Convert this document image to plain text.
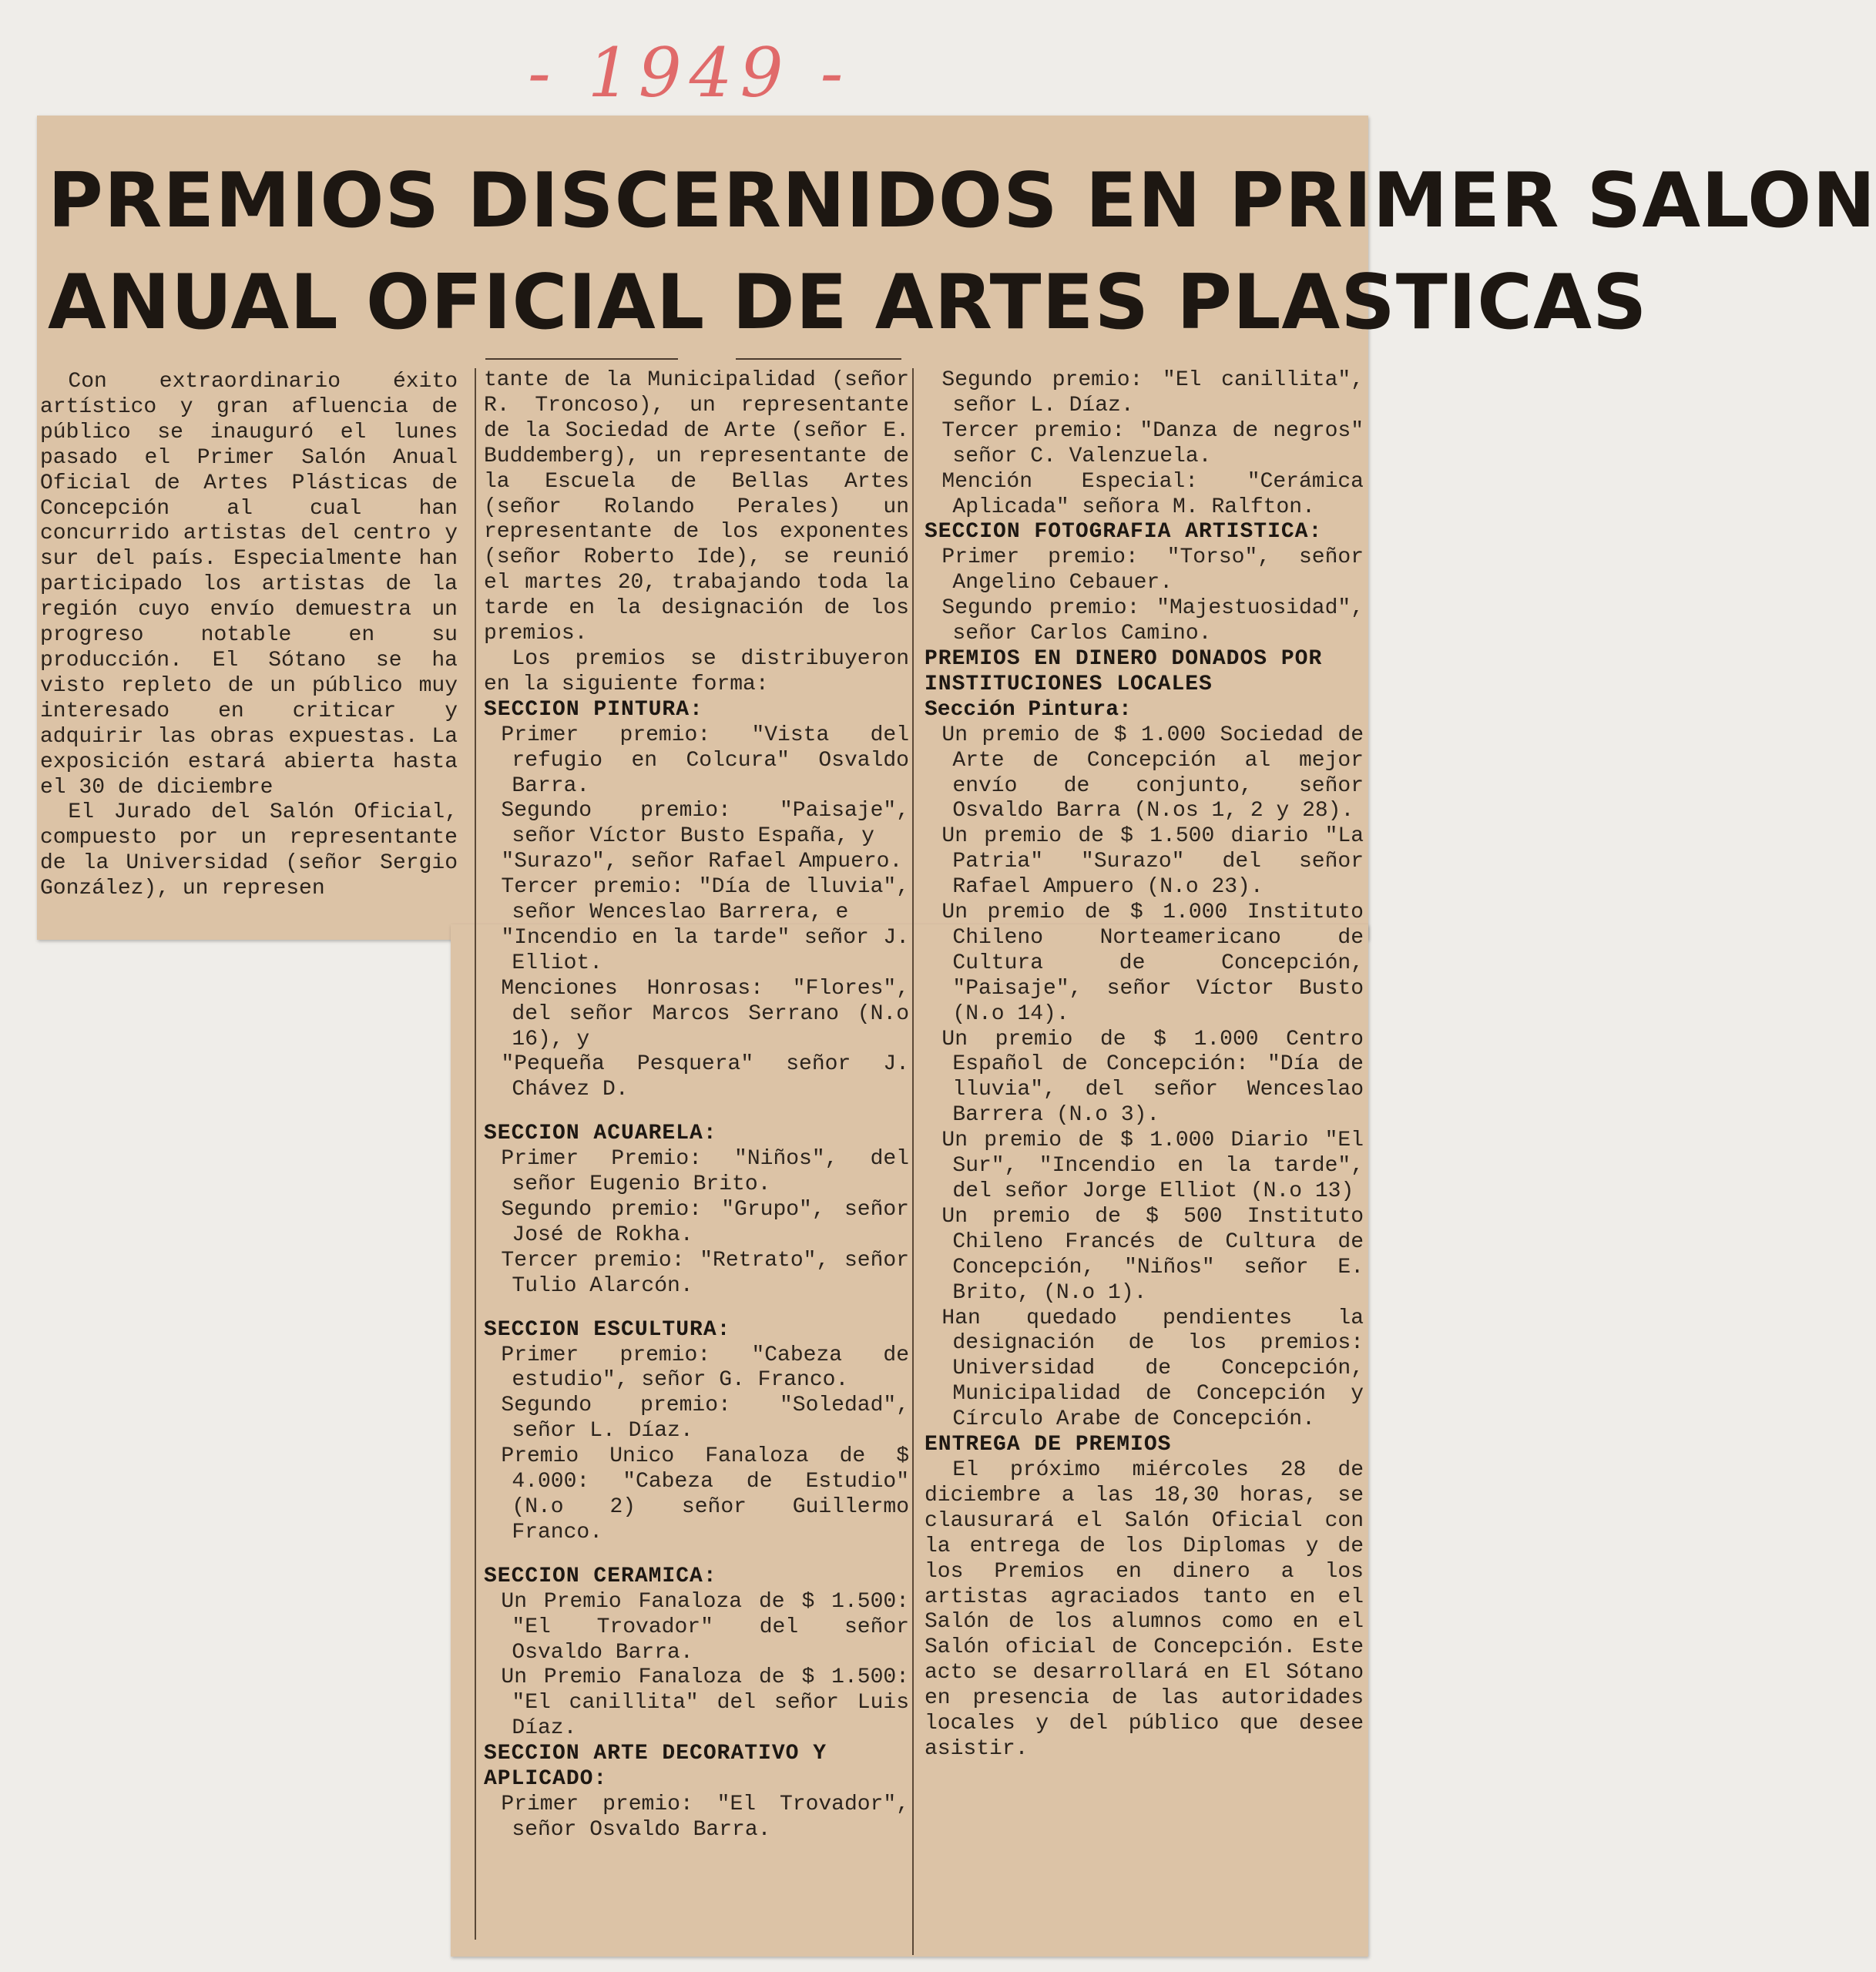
- 1949 -
PREMIOS DISCERNIDOS EN PRIMER SALON
ANUAL OFICIAL DE ARTES PLASTICAS

Con extraordinario éxito artístico y gran afluencia de público se inauguró el lunes pasado el Primer Salón Anual Oficial de Artes Plásticas de Concepción al cual han concurrido artistas del centro y sur del país. Especialmente han participado los artistas de la región cuyo envío demuestra un progreso notable en su producción. El Sótano se ha visto repleto de un público muy interesado en criticar y adquirir las obras expuestas. La exposición estará abierta hasta el 30 de diciembre

El Jurado del Salón Oficial, compuesto por un representante de la Universidad (señor Sergio González), un represen

tante de la Municipalidad (señor R. Troncoso), un representante de la Sociedad de Arte (señor E. Buddemberg), un representante de la Escuela de Bellas Artes (señor Rolando Perales) un representante de los exponentes (señor Roberto Ide), se reunió el martes 20, trabajando toda la tarde en la designación de los premios.

Los premios se distribuyeron en la siguiente forma:

SECCION PINTURA:

Primer premio: "Vista del refugio en Colcura" Osvaldo Barra.

Segundo premio: "Paisaje", señor Víctor Busto España, y

"Surazo", señor Rafael Ampuero.

Tercer premio: "Día de lluvia", señor Wenceslao Barrera, e

"Incendio en la tarde" señor J. Elliot.

Menciones Honrosas: "Flores", del señor Marcos Serrano (N.o 16), y

"Pequeña Pesquera" señor J. Chávez D.

SECCION ACUARELA:

Primer Premio: "Niños", del señor Eugenio Brito.

Segundo premio: "Grupo", señor José de Rokha.

Tercer premio: "Retrato", señor Tulio Alarcón.

SECCION ESCULTURA:

Primer premio: "Cabeza de estudio", señor G. Franco.

Segundo premio: "Soledad", señor L. Díaz.

Premio Unico Fanaloza de $ 4.000: "Cabeza de Estudio" (N.o 2) señor Guillermo Franco.

SECCION CERAMICA:

Un Premio Fanaloza de $ 1.500: "El Trovador" del señor Osvaldo Barra.

Un Premio Fanaloza de $ 1.500: "El canillita" del señor Luis Díaz.

SECCION ARTE DECORATIVO Y APLICADO:

Primer premio: "El Trovador", señor Osvaldo Barra.

Segundo premio: "El canillita", señor L. Díaz.

Tercer premio: "Danza de negros" señor C. Valenzuela.

Mención Especial: "Cerámica Aplicada" señora M. Ralfton.

SECCION FOTOGRAFIA ARTISTICA:

Primer premio: "Torso", señor Angelino Cebauer.

Segundo premio: "Majestuosidad", señor Carlos Camino.

PREMIOS EN DINERO DONADOS POR INSTITUCIONES LOCALES
Sección Pintura:

Un premio de $ 1.000 Sociedad de Arte de Concepción al mejor envío de conjunto, señor Osvaldo Barra (N.os 1, 2 y 28).

Un premio de $ 1.500 diario "La Patria" "Surazo" del señor Rafael Ampuero (N.o 23).

Un premio de $ 1.000 Instituto Chileno Norteamericano de Cultura de Concepción, "Paisaje", señor Víctor Busto (N.o 14).

Un premio de $ 1.000 Centro Español de Concepción: "Día de lluvia", del señor Wenceslao Barrera (N.o 3).

Un premio de $ 1.000 Diario "El Sur", "Incendio en la tarde", del señor Jorge Elliot (N.o 13)

Un premio de $ 500 Instituto Chileno Francés de Cultura de Concepción, "Niños" señor E. Brito, (N.o 1).

Han quedado pendientes la designación de los premios: Universidad de Concepción, Municipalidad de Concepción y Círculo Arabe de Concepción.

ENTREGA DE PREMIOS

El próximo miércoles 28 de diciembre a las 18,30 horas, se clausurará el Salón Oficial con la entrega de los Diplomas y de los Premios en dinero a los artistas agraciados tanto en el Salón de los alumnos como en el Salón oficial de Concepción. Este acto se desarrollará en El Sótano en presencia de las autoridades locales y del público que desee asistir.
